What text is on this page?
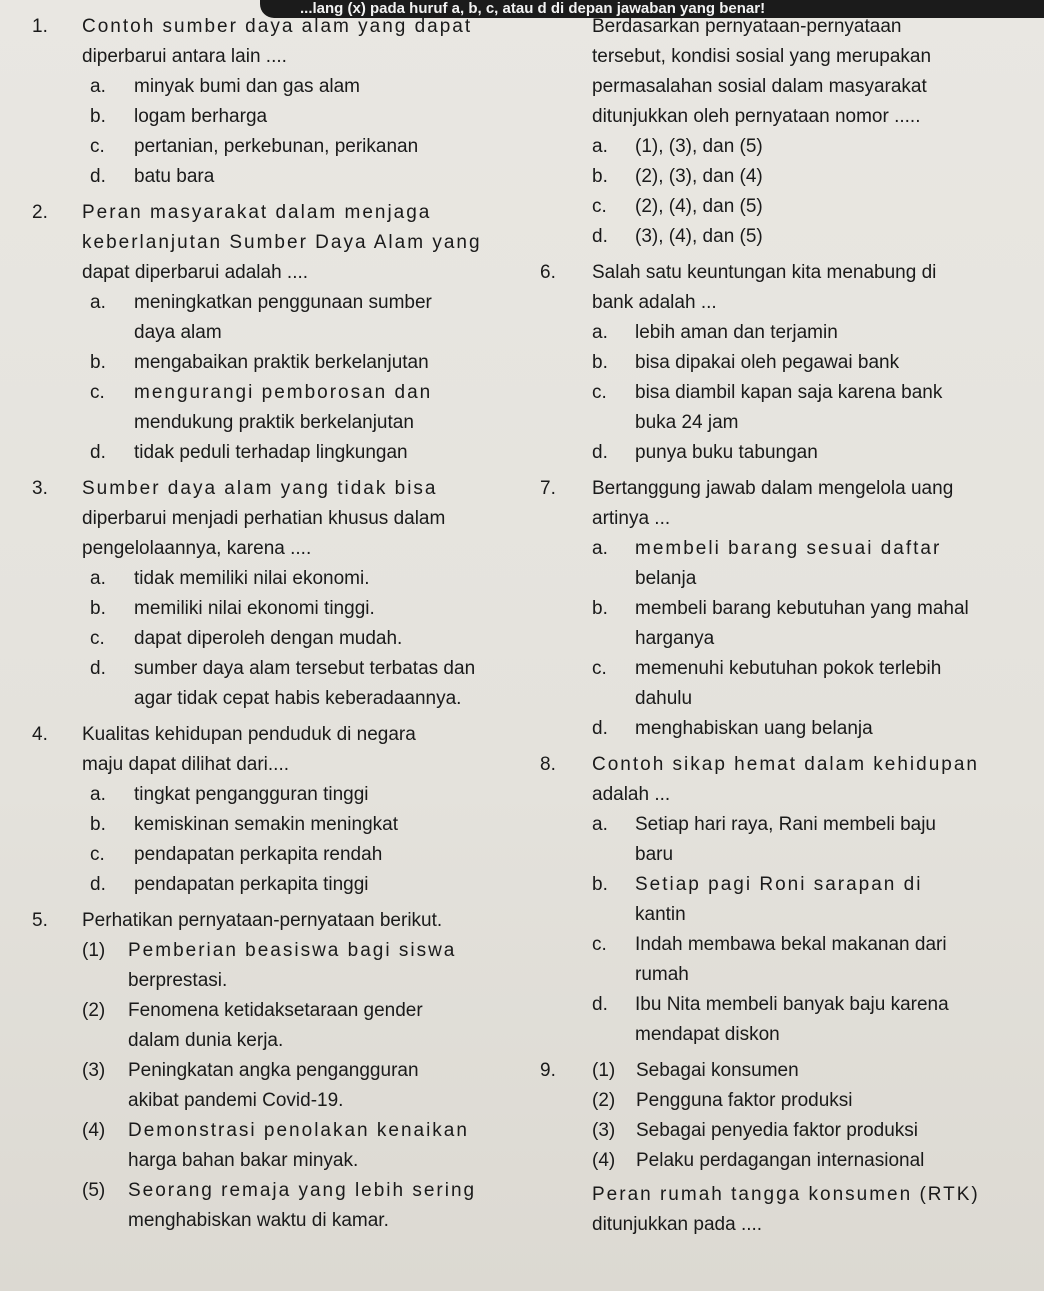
...lang (x) pada huruf a, b, c, atau d di depan jawaban yang benar!
1. Contoh sumber daya alam yang dapat
diperbarui antara lain ....
a. minyak bumi dan gas alam
b. logam berharga
c. pertanian, perkebunan, perikanan
d. batu bara
2. Peran masyarakat dalam menjaga
keberlanjutan Sumber Daya Alam yang
dapat diperbarui adalah ....
a. meningkatkan penggunaan sumber
daya alam
b. mengabaikan praktik berkelanjutan
c. mengurangi pemborosan dan
mendukung praktik berkelanjutan
d. tidak peduli terhadap lingkungan
3. Sumber daya alam yang tidak bisa
diperbarui menjadi perhatian khusus dalam
pengelolaannya, karena ....
a. tidak memiliki nilai ekonomi.
b. memiliki nilai ekonomi tinggi.
c. dapat diperoleh dengan mudah.
d. sumber daya alam tersebut terbatas dan
agar tidak cepat habis keberadaannya.
4. Kualitas kehidupan penduduk di negara
maju dapat dilihat dari....
a. tingkat pengangguran tinggi
b. kemiskinan semakin meningkat
c. pendapatan perkapita rendah
d. pendapatan perkapita tinggi
5. Perhatikan pernyataan-pernyataan berikut.
(1) Pemberian beasiswa bagi siswa
berprestasi.
(2) Fenomena ketidaksetaraan gender
dalam dunia kerja.
(3) Peningkatan angka pengangguran
akibat pandemi Covid-19.
(4) Demonstrasi penolakan kenaikan
harga bahan bakar minyak.
(5) Seorang remaja yang lebih sering
menghabiskan waktu di kamar.
Berdasarkan pernyataan-pernyataan
tersebut, kondisi sosial yang merupakan
permasalahan sosial dalam masyarakat
ditunjukkan oleh pernyataan nomor .....
a. (1), (3), dan (5)
b. (2), (3), dan (4)
c. (2), (4), dan (5)
d. (3), (4), dan (5)
6. Salah satu keuntungan kita menabung di
bank adalah ...
a. lebih aman dan terjamin
b. bisa dipakai oleh pegawai bank
c. bisa diambil kapan saja karena bank
buka 24 jam
d. punya buku tabungan
7. Bertanggung jawab dalam mengelola uang
artinya ...
a. membeli barang sesuai daftar
belanja
b. membeli barang kebutuhan yang mahal
harganya
c. memenuhi kebutuhan pokok terlebih
dahulu
d. menghabiskan uang belanja
8. Contoh sikap hemat dalam kehidupan
adalah ...
a. Setiap hari raya, Rani membeli baju
baru
b. Setiap pagi Roni sarapan di
kantin
c. Indah membawa bekal makanan dari
rumah
d. Ibu Nita membeli banyak baju karena
mendapat diskon
9. (1) Sebagai konsumen
(2) Pengguna faktor produksi
(3) Sebagai penyedia faktor produksi
(4) Pelaku perdagangan internasional
Peran rumah tangga konsumen (RTK)
ditunjukkan pada ....
